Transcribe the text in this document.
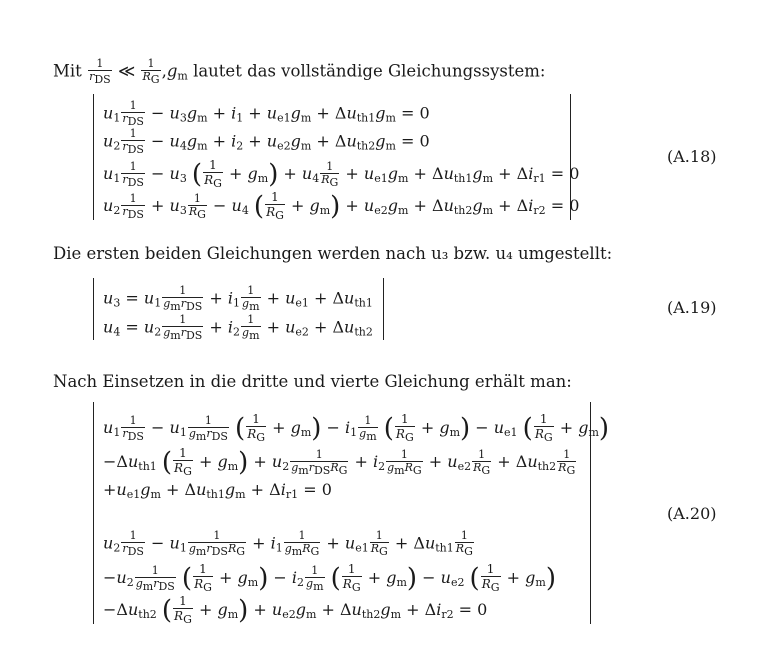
Mit $\frac{1}{r_{DS}}$ ≪ $\frac{1}{R_G} ,g_m$ lautet das vollständige Gleichungssystem:
$u_1 \frac{1}{r_{DS}} - u_3g_m + i_1 + u_{e1}g_m + \Delta u_{th1}g_m = 0$
$u_2 \frac{1}{r_{DS}} - u_4g_m + i_2 + u_{e2}g_m + \Delta u_{th2}g_m = 0$
$u_1 \frac{1}{r_{DS}} - u_3$ ( $\frac{1}{R_G} + g_m) + u_4 \frac{1}{R_G} + u_{e1}g_m + \Delta u_{th1}g_m + \Delta i_{r1} = 0$
$u_2 \frac{1}{r_{DS}} + u_3 \frac{1}{R_G} - u_4$ ( $\frac{1}{R_G} + g_m) + u_{e2}g_m + \Delta u_{th2}g_m + \Delta i_{r2} = 0$
(A.18)
Die ersten beiden Gleichungen werden nach u₃ bzw. u₄ umgestellt:
$u_3 = u_1 \frac{1}{g_mr_{DS}} + i_1 \frac{1}{g_m} + u_{e1} + \Delta u_{th1}$
$u_4 = u_2 \frac{1}{g_mr_{DS}} + i_2 \frac{1}{g_m} + u_{e2} + \Delta u_{th2}$
(A.19)
Nach Einsetzen in die dritte und vierte Gleichung erhält man:
$u_1 \frac{1}{r_{DS}} - u_1 \frac{1}{g_mr_{DS}}$ ( $\frac{1}{R_G} + g_m) - i_1 \frac{1}{g_m}$ ( $\frac{1}{R_G} + g_m) - u_{e1}$ ( $\frac{1}{R_G} + g_m$)
$-\Delta u_{th1}$ ( $\frac{1}{R_G} + g_m) + u_2 \frac{1}{g_mr_{DS}R_G} + i_2 \frac{1}{g_mR_G} + u_{e2} \frac{1}{R_G} + \Delta u_{th2} \frac{1}{R_G}$
$+u_{e1}g_m + \Delta u_{th1}g_m + \Delta i_{r1} = 0$
$u_2 \frac{1}{r_{DS}} - u_1 \frac{1}{g_mr_{DS}R_G} + i_1 \frac{1}{g_mR_G} + u_{e1} \frac{1}{R_G} + \Delta u_{th1} \frac{1}{R_G}$
$-u_2 \frac{1}{g_mr_{DS}}$ ( $\frac{1}{R_G} + g_m) - i_2 \frac{1}{g_m}$ ( $\frac{1}{R_G} + g_m) - u_{e2}$ ( $\frac{1}{R_G} + g_m$)
$-\Delta u_{th2}$ ( $\frac{1}{R_G} + g_m) + u_{e2}g_m + \Delta u_{th2}g_m + \Delta i_{r2} = 0$
(A.20)
